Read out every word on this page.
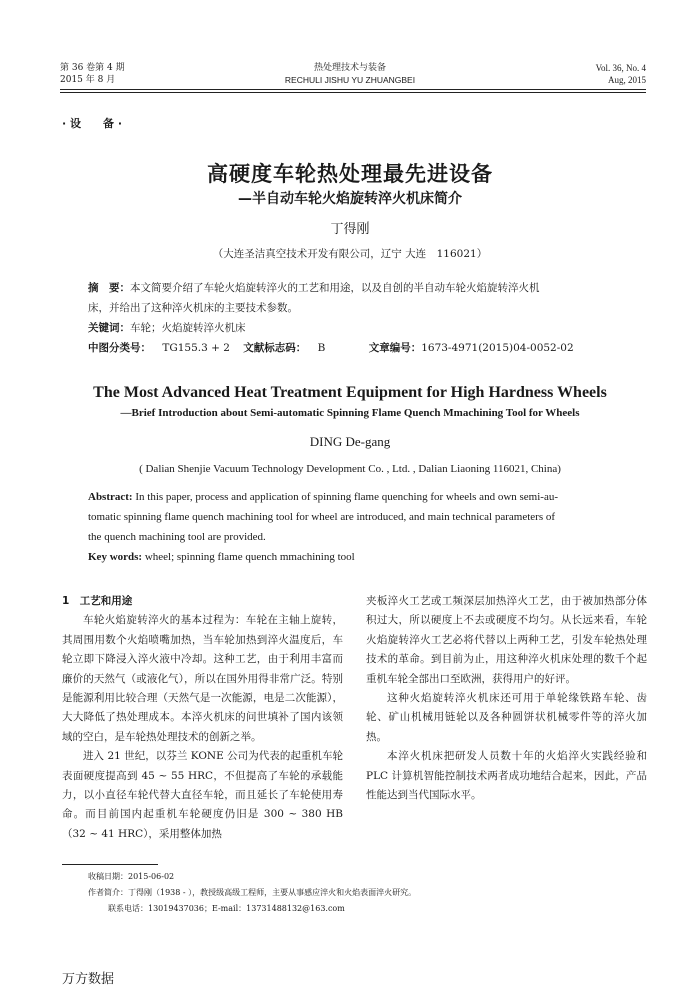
第 36 卷第 4 期
2015 年 8 月
热处理技术与装备
RECHULI JISHU YU ZHUANGBEI
Vol. 36, No. 4
Aug, 2015
· 设　　备 ·
高硬度车轮热处理最先进设备
—半自动车轮火焰旋转淬火机床简介
丁得刚
（大连圣洁真空技术开发有限公司，辽宁 大连　116021）
摘　要：本文简要介绍了车轮火焰旋转淬火的工艺和用途，以及自创的半自动车轮火焰旋转淬火机
床，并给出了这种淬火机床的主要技术参数。
关键词：车轮；火焰旋转淬火机床
中图分类号： TG155.3 + 2 文献标志码： B	文章编号：1673-4971(2015)04-0052-02
The Most Advanced Heat Treatment Equipment for High Hardness Wheels
—Brief Introduction about Semi-automatic Spinning Flame Quench Mmachining Tool for Wheels
DING De-gang
( Dalian Shenjie Vacuum Technology Development Co. , Ltd. , Dalian Liaoning 116021, China)
Abstract: In this paper, process and application of spinning flame quenching for wheels and own semi-au-
tomatic spinning flame quench machining tool for wheel are introduced, and main technical parameters of
the quench machining tool are provided.
Key words: wheel; spinning flame quench mmachining tool

1　工艺和用途

车轮火焰旋转淬火的基本过程为：车轮在主轴上旋转，其周围用数个火焰喷嘴加热，当车轮加热到淬火温度后，车轮立即下降浸入淬火液中冷却。这种工艺，由于利用丰富而廉价的天然气（或液化气），所以在国外用得非常广泛。特别是能源利用比较合理（天然气是一次能源，电是二次能源），大大降低了热处理成本。本淬火机床的问世填补了国内该领域的空白，是车轮热处理技术的创新之举。

进入 21 世纪，以芬兰 KONE 公司为代表的起重机车轮表面硬度提高到 45 ~ 55 HRC，不但提高了车轮的承载能力，以小直径车轮代替大直径车轮，而且延长了车轮使用寿命。而目前国内起重机车轮硬度仍旧是 300 ~ 380 HB（32 ~ 41 HRC），采用整体加热

夹板淬火工艺或工频深层加热淬火工艺，由于被加热部分体积过大，所以硬度上不去或硬度不均匀。从长远来看，车轮火焰旋转淬火工艺必将代替以上两种工艺，引发车轮热处理技术的革命。到目前为止，用这种淬火机床处理的数千个起重机车轮全部出口至欧洲，获得用户的好评。

这种火焰旋转淬火机床还可用于单轮缘铁路车轮、齿轮、矿山机械用链轮以及各种圆饼状机械零件等的淬火加热。

本淬火机床把研发人员数十年的火焰淬火实践经验和 PLC 计算机智能控制技术两者成功地结合起来，因此，产品性能达到当代国际水平。

收稿日期：2015-06-02
作者简介：丁得刚（1938 - ），教授级高级工程师，主要从事感应淬火和火焰表面淬火研究。
联系电话：13019437036；E-mail：13731488132@163.com
万方数据
